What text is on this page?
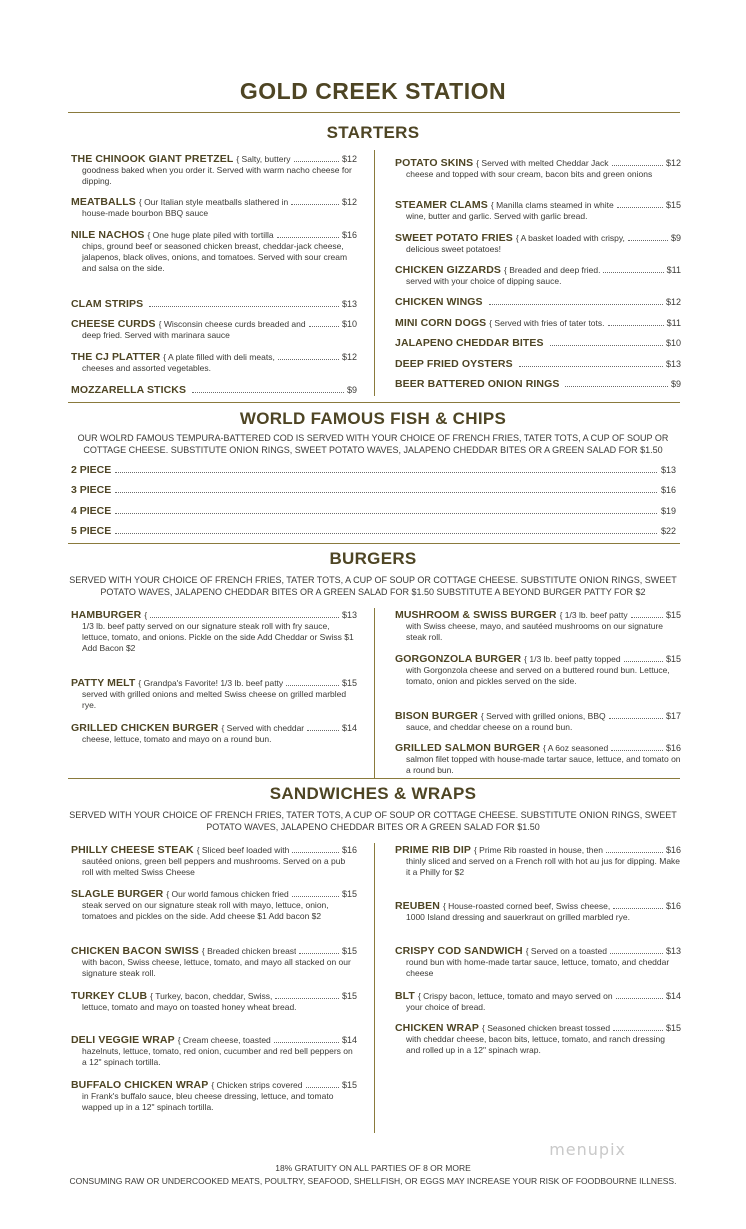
GOLD CREEK STATION
STARTERS
THE CHINOOK GIANT PRETZEL { Salty, buttery	$12
goodness baked when you order it. Served with warm nacho cheese for dipping.
MEATBALLS { Our Italian style meatballs slathered in	$12
house-made bourbon BBQ sauce
NILE NACHOS { One huge plate piled with tortilla	$16
chips, ground beef or seasoned chicken breast, cheddar-jack cheese, jalapenos, black olives, onions, and tomatoes. Served with sour cream and salsa on the side.
CLAM STRIPS	$13
CHEESE CURDS { Wisconsin cheese curds breaded and	$10
deep fried. Served with marinara sauce
THE CJ PLATTER { A plate filled with deli meats,	$12
cheeses and assorted vegetables.
MOZZARELLA STICKS	$9
POTATO SKINS { Served with melted Cheddar Jack	$12
cheese and topped with sour cream, bacon bits and green onions
STEAMER CLAMS { Manilla clams steamed in white	$15
wine, butter and garlic. Served with garlic bread.
SWEET POTATO FRIES { A basket loaded with crispy,	$9
delicious sweet potatoes!
CHICKEN GIZZARDS { Breaded and deep fried.	$11
served with your choice of dipping sauce.
CHICKEN WINGS	$12
MINI CORN DOGS { Served with fries of tater tots.	$11
JALAPENO CHEDDAR BITES	$10
DEEP FRIED OYSTERS	$13
BEER BATTERED ONION RINGS	$9
WORLD FAMOUS FISH & CHIPS
OUR WOLRD FAMOUS TEMPURA-BATTERED COD IS SERVED WITH YOUR CHOICE OF FRENCH FRIES, TATER TOTS, A CUP OF SOUP OR COTTAGE CHEESE. SUBSTITUTE ONION RINGS, SWEET POTATO WAVES, JALAPENO CHEDDAR BITES OR A GREEN SALAD FOR $1.50
2 PIECE	$13
3 PIECE	$16
4 PIECE	$19
5 PIECE	$22
BURGERS
SERVED WITH YOUR CHOICE OF FRENCH FRIES, TATER TOTS, A CUP OF SOUP OR COTTAGE CHEESE. SUBSTITUTE ONION RINGS, SWEET POTATO WAVES, JALAPENO CHEDDAR BITES OR A GREEN SALAD FOR $1.50 SUBSTITUTE A BEYOND BURGER PATTY FOR $2
HAMBURGER {	$13
1/3 lb. beef patty served on our signature steak roll with fry sauce, lettuce, tomato, and onions. Pickle on the side Add Cheddar or Swiss $1 Add Bacon $2
PATTY MELT { Grandpa's Favorite! 1/3 lb. beef patty	$15
served with grilled onions and melted Swiss cheese on grilled marbled rye.
GRILLED CHICKEN BURGER { Served with cheddar	$14
cheese, lettuce, tomato and mayo on a round bun.
MUSHROOM & SWISS BURGER { 1/3 lb. beef patty	$15
with Swiss cheese, mayo, and sautéed mushrooms on our signature steak roll.
GORGONZOLA BURGER { 1/3 lb. beef patty topped	$15
with Gorgonzola cheese and served on a buttered round bun. Lettuce, tomato, onion and pickles served on the side.
BISON BURGER { Served with grilled onions, BBQ	$17
sauce, and cheddar cheese on a round bun.
GRILLED SALMON BURGER { A 6oz seasoned	$16
salmon filet topped with house-made tartar sauce, lettuce, and tomato on a round bun.
SANDWICHES & WRAPS
SERVED WITH YOUR CHOICE OF FRENCH FRIES, TATER TOTS, A CUP OF SOUP OR COTTAGE CHEESE. SUBSTITUTE ONION RINGS, SWEET POTATO WAVES, JALAPENO CHEDDAR BITES OR A GREEN SALAD FOR $1.50
PHILLY CHEESE STEAK { Sliced beef loaded with	$16
sautéed onions, green bell peppers and mushrooms. Served on a pub roll with melted Swiss Cheese
SLAGLE BURGER { Our world famous chicken fried	$15
steak served on our signature steak roll with mayo, lettuce, onion, tomatoes and pickles on the side. Add cheese $1 Add bacon $2
CHICKEN BACON SWISS { Breaded chicken breast	$15
with bacon, Swiss cheese, lettuce, tomato, and mayo all stacked on our signature steak roll.
TURKEY CLUB { Turkey, bacon, cheddar, Swiss,	$15
lettuce, tomato and mayo on toasted honey wheat bread.
DELI VEGGIE WRAP { Cream cheese, toasted	$14
hazelnuts, lettuce, tomato, red onion, cucumber and red bell peppers on a 12" spinach tortilla.
BUFFALO CHICKEN WRAP { Chicken strips covered	$15
in Frank's buffalo sauce, bleu cheese dressing, lettuce, and tomato wapped up in a 12" spinach tortilla.
PRIME RIB DIP { Prime Rib roasted in house, then	$16
thinly sliced and served on a French roll with hot au jus for dipping. Make it a Philly for $2
REUBEN { House-roasted corned beef, Swiss cheese,	$16
1000 Island dressing and sauerkraut on grilled marbled rye.
CRISPY COD SANDWICH { Served on a toasted	$13
round bun with home-made tartar sauce, lettuce, tomato, and cheddar cheese
BLT { Crispy bacon, lettuce, tomato and mayo served on	$14
your choice of bread.
CHICKEN WRAP { Seasoned chicken breast tossed	$15
with cheddar cheese, bacon bits, lettuce, tomato, and ranch dressing and rolled up in a 12" spinach wrap.
menupix
18% GRATUITY ON ALL PARTIES OF 8 OR MORE
CONSUMING RAW OR UNDERCOOKED MEATS, POULTRY, SEAFOOD, SHELLFISH, OR EGGS MAY INCREASE YOUR RISK OF FOODBOURNE ILLNESS.
